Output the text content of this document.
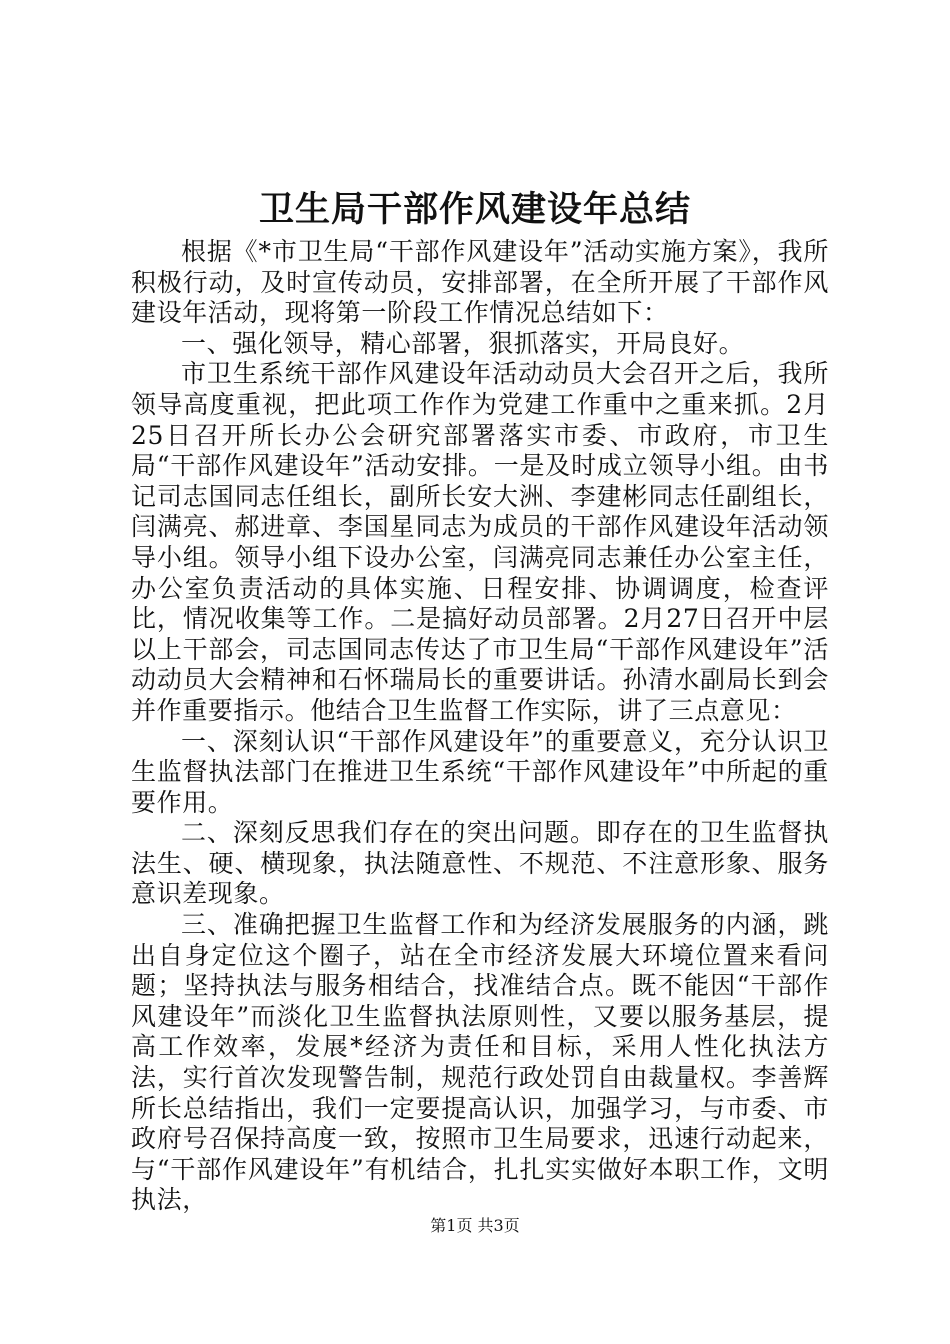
卫生局干部作风建设年总结

根据《*市卫生局“干部作风建设年”活动实施方案》，我所积极行动，及时宣传动员，安排部署，在全所开展了干部作风建设年活动，现将第一阶段工作情况总结如下：

一、强化领导，精心部署，狠抓落实，开局良好。

市卫生系统干部作风建设年活动动员大会召开之后，我所领导高度重视，把此项工作作为党建工作重中之重来抓。2月25日召开所长办公会研究部署落实市委、市政府，市卫生局“干部作风建设年”活动安排。一是及时成立领导小组。由书记司志国同志任组长，副所长安大洲、李建彬同志任副组长，闫满亮、郝进章、李国星同志为成员的干部作风建设年活动领导小组。领导小组下设办公室，闫满亮同志兼任办公室主任，办公室负责活动的具体实施、日程安排、协调调度，检查评比，情况收集等工作。二是搞好动员部署。2月27日召开中层以上干部会，司志国同志传达了市卫生局“干部作风建设年”活动动员大会精神和石怀瑞局长的重要讲话。孙清水副局长到会并作重要指示。他结合卫生监督工作实际，讲了三点意见：

一、深刻认识“干部作风建设年”的重要意义，充分认识卫生监督执法部门在推进卫生系统“干部作风建设年”中所起的重要作用。

二、深刻反思我们存在的突出问题。即存在的卫生监督执法生、硬、横现象，执法随意性、不规范、不注意形象、服务意识差现象。

三、准确把握卫生监督工作和为经济发展服务的内涵，跳出自身定位这个圈子，站在全市经济发展大环境位置来看问题；坚持执法与服务相结合，找准结合点。既不能因“干部作风建设年”而淡化卫生监督执法原则性，又要以服务基层，提高工作效率，发展*经济为责任和目标，采用人性化执法方法，实行首次发现警告制，规范行政处罚自由裁量权。李善辉所长总结指出，我们一定要提高认识，加强学习，与市委、市政府号召保持高度一致，按照市卫生局要求，迅速行动起来，与“干部作风建设年”有机结合，扎扎实实做好本职工作，文明执法，

第1页 共3页
